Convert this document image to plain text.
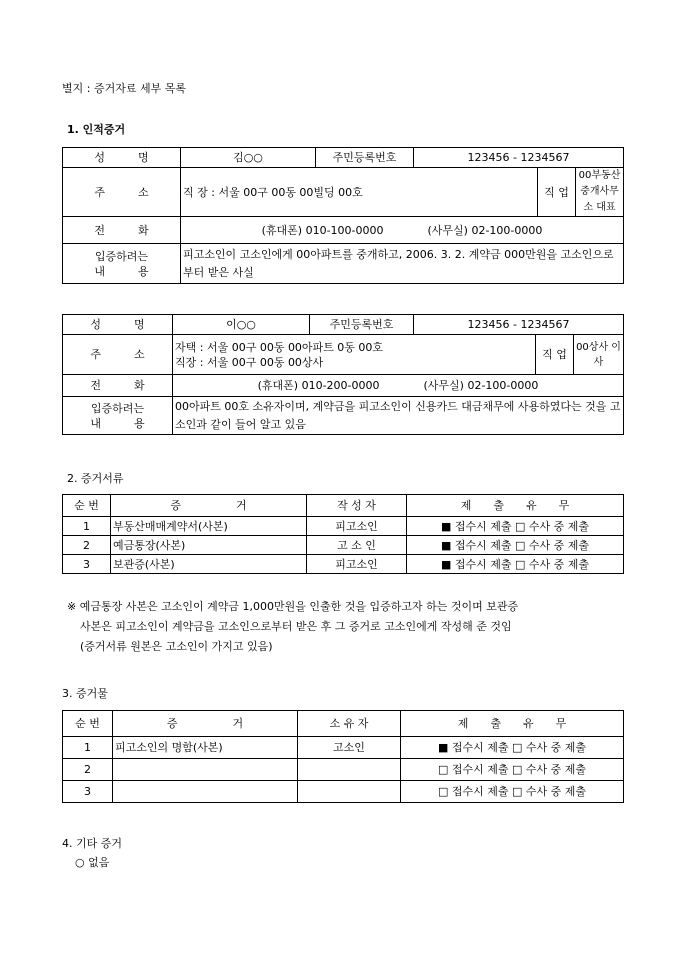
별지 : 증거자료 세부 목록
1. 인적증거
성　　　명	김○○	주민등록번호	123456 - 1234567		
주　　　소	직 장 : 서울 00구 00동 00빌딩 00호			직 업	00부동산중개사무소 대표
전　　　화	(휴대폰) 010-100-0000　　　　(사무실) 02-100-0000				

입증하려는
내　　　용	피고소인이 고소인에게 00아파트를 중개하고, 2006. 3. 2. 계약금 000만원을 고소인으로부터 받은 사실				
성　　　명	이○○	주민등록번호	123456 - 1234567		
주　　　소	자택 : 서울 00구 00동 00아파트 0동 00호
직장 : 서울 00구 00동 00상사			직 업	00상사 이사
전　　　화	(휴대폰) 010-200-0000　　　　(사무실) 02-100-0000				

입증하려는
내　　　용	00아파트 00호 소유자이며, 계약금을 피고소인이 신용카드 대금채무에 사용하였다는 것을 고소인과 같이 들어 알고 있음				
2. 증거서류
순 번	증　　　　　거	작 성 자	제　　출　　유　　무
1	부동산매매계약서(사본)	피고소인	■ 접수시 제출 □ 수사 중 제출
2	예금통장(사본)	고 소 인	■ 접수시 제출 □ 수사 중 제출
3	보관증(사본)	피고소인	■ 접수시 제출 □ 수사 중 제출
※ 예금통장 사본은 고소인이 계약금 1,000만원을 인출한 것을 입증하고자 하는 것이며 보관증
사본은 피고소인이 계약금을 고소인으로부터 받은 후 그 증거로 고소인에게 작성해 준 것임
(증거서류 원본은 고소인이 가지고 있음)
3. 증거물
순 번	증　　　　　거	소 유 자	제　　출　　유　　무
1	피고소인의 명함(사본)	고소인	■ 접수시 제출 □ 수사 중 제출
2			□ 접수시 제출 □ 수사 중 제출
3			□ 접수시 제출 □ 수사 중 제출
4. 기타 증거
○ 없음
